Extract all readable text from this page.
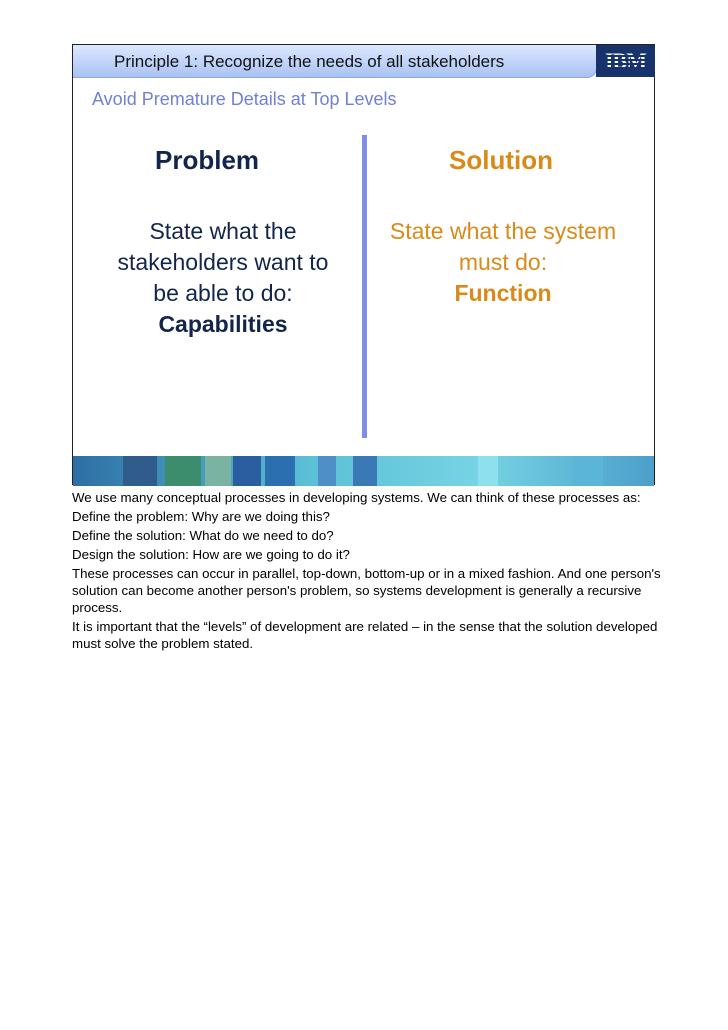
Principle 1: Recognize the needs of all stakeholders	IBM
Avoid Premature Details at Top Levels
Problem	Solution
State what the stakeholders want to be able to do: Capabilities
State what the system must do:
Function

We use many conceptual processes in developing systems. We can think of these processes as:

Define the problem: Why are we doing this?

Define the solution: What do we need to do?

Design the solution: How are we going to do it?

These processes can occur in parallel, top-down, bottom-up or in a mixed fashion. And one person's solution can become another person's problem, so systems development is generally a recursive process.

It is important that the “levels” of development are related – in the sense that the solution developed must solve the problem stated.
